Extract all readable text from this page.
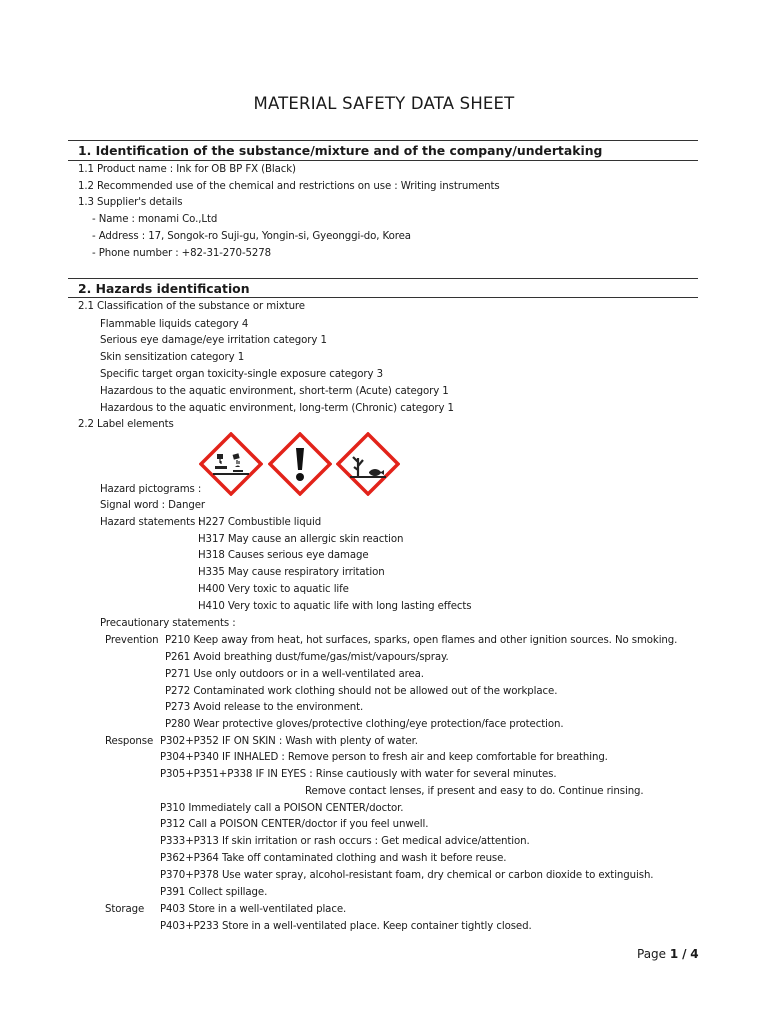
MATERIAL SAFETY DATA SHEET
1. Identification of the substance/mixture and of the company/undertaking
1.1 Product name : Ink for OB BP FX (Black)
1.2 Recommended use of the chemical and restrictions on use : Writing instruments
1.3 Supplier's details
- Name : monami Co.,Ltd
- Address : 17, Songok-ro Suji-gu, Yongin-si, Gyeonggi-do, Korea
- Phone number : +82-31-270-5278
2. Hazards identification
2.1 Classification of the substance or mixture
Flammable liquids category 4
Serious eye damage/eye irritation category 1
Skin sensitization category 1
Specific target organ toxicity-single exposure category 3
Hazardous to the aquatic environment, short-term (Acute) category 1
Hazardous to the aquatic environment, long-term (Chronic) category 1
2.2 Label elements
Hazard pictograms :
Signal word : Danger
Hazard statements :
H227 Combustible liquid
H317 May cause an allergic skin reaction
H318 Causes serious eye damage
H335 May cause respiratory irritation
H400 Very toxic to aquatic life
H410 Very toxic to aquatic life with long lasting effects
Precautionary statements :
Prevention P210 Keep away from heat, hot surfaces, sparks, open flames and other ignition sources. No smoking.
P261 Avoid breathing dust/fume/gas/mist/vapours/spray.
P271 Use only outdoors or in a well-ventilated area.
P272 Contaminated work clothing should not be allowed out of the workplace.
P273 Avoid release to the environment.
P280 Wear protective gloves/protective clothing/eye protection/face protection.
Response P302+P352 IF ON SKIN : Wash with plenty of water.
P304+P340 IF INHALED : Remove person to fresh air and keep comfortable for breathing.
P305+P351+P338 IF IN EYES : Rinse cautiously with water for several minutes.
Remove contact lenses, if present and easy to do. Continue rinsing.
P310 Immediately call a POISON CENTER/doctor.
P312 Call a POISON CENTER/doctor if you feel unwell.
P333+P313 If skin irritation or rash occurs : Get medical advice/attention.
P362+P364 Take off contaminated clothing and wash it before reuse.
P370+P378 Use water spray, alcohol-resistant foam, dry chemical or carbon dioxide to extinguish.
P391 Collect spillage.
Storage P403 Store in a well-ventilated place.
P403+P233 Store in a well-ventilated place. Keep container tightly closed.
Page 1 / 4
